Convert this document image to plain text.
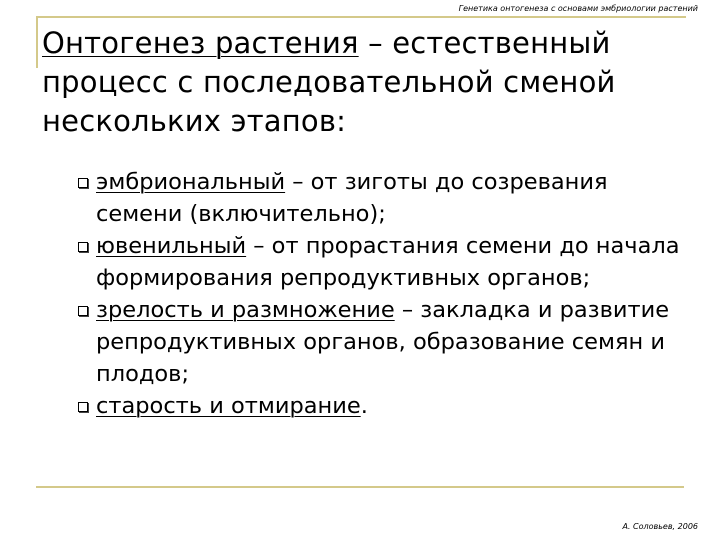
Генетика онтогенеза с основами эмбриологии растений
Онтогенез растения – естественный процесс с последовательной сменой нескольких этапов:
эмбриональный – от зиготы до созревания семени (включительно);
ювенильный – от прорастания семени до начала формирования репродуктивных органов;
зрелость и размножение – закладка и развитие репродуктивных органов, образование семян и плодов;
старость и отмирание.
А. Соловьев, 2006
